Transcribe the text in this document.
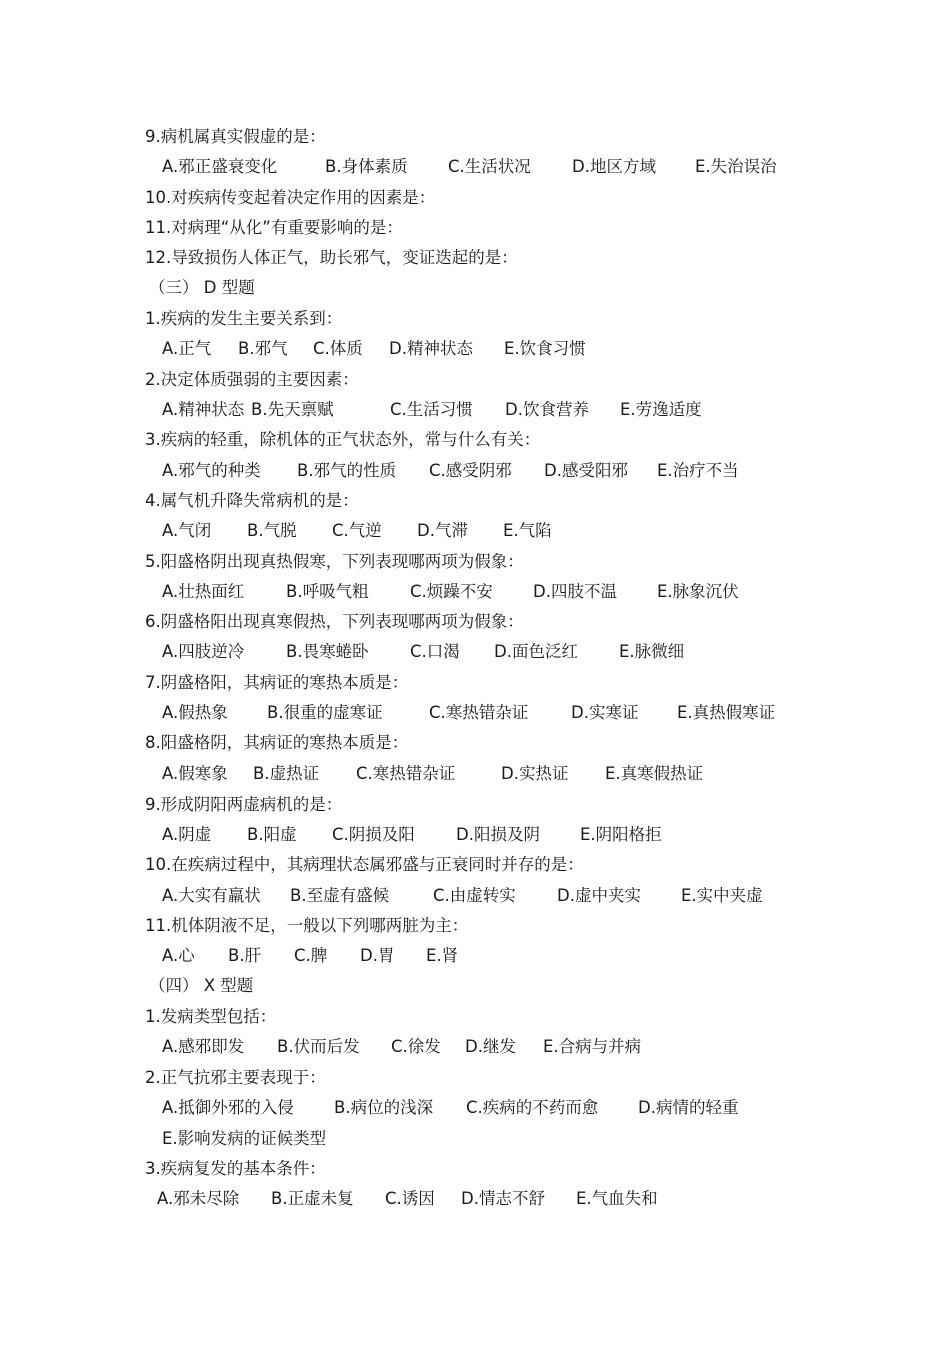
9.病机属真实假虚的是：
A.邪正盛衰变化	B.身体素质 C.生活状况 D.地区方域 E.失治误治
10.对疾病传变起着决定作用的因素是：
11.对病理“从化”有重要影响的是：
12.导致损伤人体正气，助长邪气，变证迭起的是：
（三） D 型题
1.疾病的发生主要关系到：
A.正气 B.邪气 C.体质 D.精神状态 E.饮食习惯
2.决定体质强弱的主要因素：
A.精神状态 B.先天禀赋	C.生活习惯 D.饮食营养 E.劳逸适度
3.疾病的轻重，除机体的正气状态外，常与什么有关：
A.邪气的种类 B.邪气的性质 C.感受阴邪 D.感受阳邪 E.治疗不当
4.属气机升降失常病机的是：
A.气闭 B.气脱 C.气逆 D.气滞 E.气陷
5.阳盛格阴出现真热假寒，下列表现哪两项为假象：
A.壮热面红	B.呼吸气粗	C.烦躁不安 D.四肢不温 E.脉象沉伏
6.阴盛格阳出现真寒假热，下列表现哪两项为假象：
A.四肢逆冷	B.畏寒蜷卧	C.口渴 D.面色泛红 E.脉微细
7.阴盛格阳，其病证的寒热本质是：
A.假热象 B.很重的虚寒证	C.寒热错杂证	D.实寒证 E.真热假寒证
8.阳盛格阴，其病证的寒热本质是：
A.假寒象 B.虚热证 C.寒热错杂证	D.实热证 E.真寒假热证
9.形成阴阳两虚病机的是：
A.阴虚 B.阳虚 C.阴损及阳 D.阳损及阴 E.阴阳格拒
10.在疾病过程中，其病理状态属邪盛与正衰同时并存的是：
A.大实有羸状 B.至虚有盛候	C.由虚转实 D.虚中夹实 E.实中夹虚
11.机体阴液不足，一般以下列哪两脏为主：
A.心 B.肝 C.脾 D.胃 E.肾
（四） X 型题
1.发病类型包括：
A.感邪即发 B.伏而后发 C.徐发 D.继发 E.合病与并病
2.正气抗邪主要表现于：
A.抵御外邪的入侵 B.病位的浅深 C.疾病的不药而愈 D.病情的轻重
E.影响发病的证候类型
3.疾病复发的基本条件：
A.邪未尽除 B.正虚未复 C.诱因 D.情志不舒 E.气血失和
